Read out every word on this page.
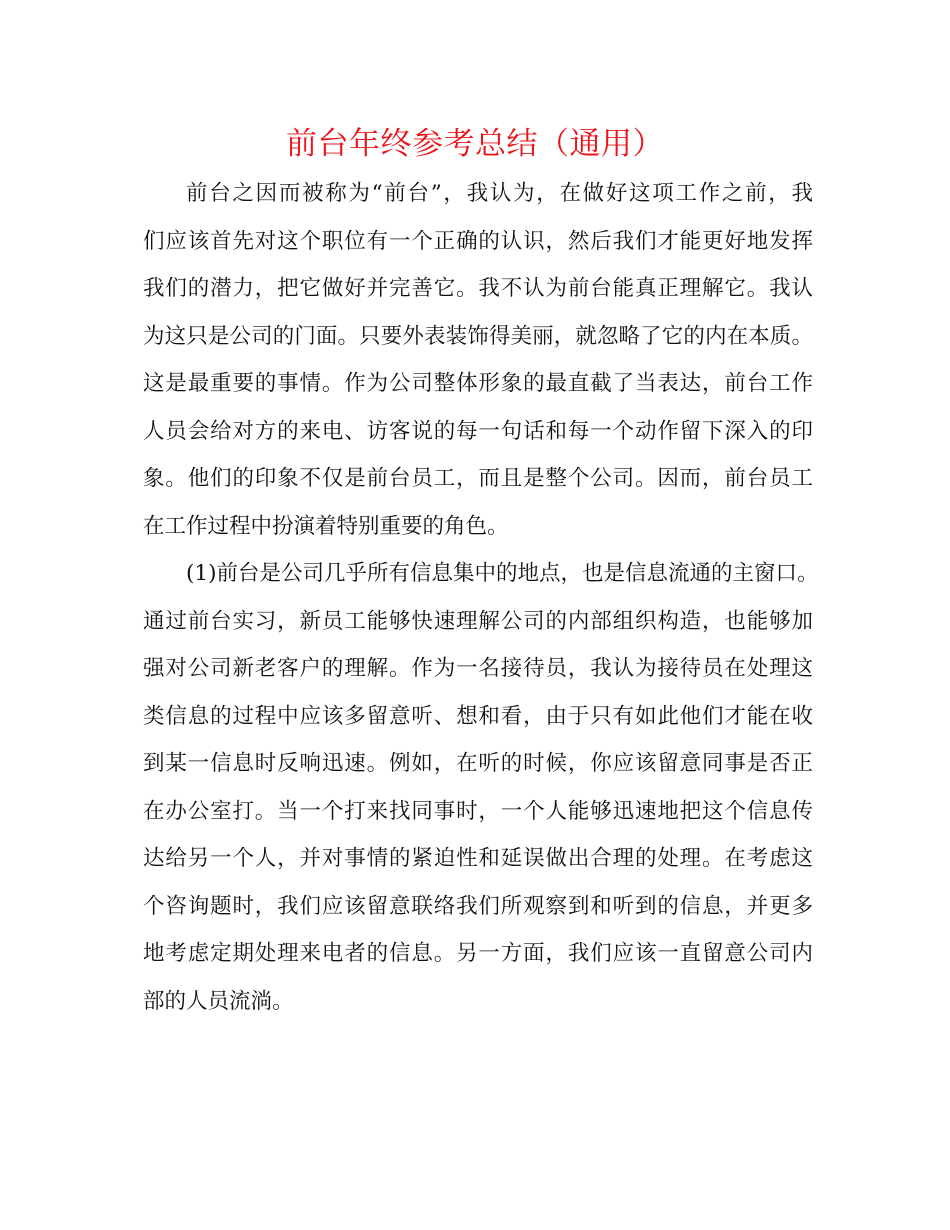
前台年终参考总结（通用）
前台之因而被称为“前台”，我认为，在做好这项工作之前，我
们应该首先对这个职位有一个正确的认识，然后我们才能更好地发挥
我们的潜力，把它做好并完善它。我不认为前台能真正理解它。我认
为这只是公司的门面。只要外表装饰得美丽，就忽略了它的内在本质。
这是最重要的事情。作为公司整体形象的最直截了当表达，前台工作
人员会给对方的来电、访客说的每一句话和每一个动作留下深入的印
象。他们的印象不仅是前台员工，而且是整个公司。因而，前台员工
在工作过程中扮演着特别重要的角色。
(1)前台是公司几乎所有信息集中的地点，也是信息流通的主窗口。
通过前台实习，新员工能够快速理解公司的内部组织构造，也能够加
强对公司新老客户的理解。作为一名接待员，我认为接待员在处理这
类信息的过程中应该多留意听、想和看，由于只有如此他们才能在收
到某一信息时反响迅速。例如，在听的时候，你应该留意同事是否正
在办公室打。当一个打来找同事时，一个人能够迅速地把这个信息传
达给另一个人，并对事情的紧迫性和延误做出合理的处理。在考虑这
个咨询题时，我们应该留意联络我们所观察到和听到的信息，并更多
地考虑定期处理来电者的信息。另一方面，我们应该一直留意公司内
部的人员流淌。
